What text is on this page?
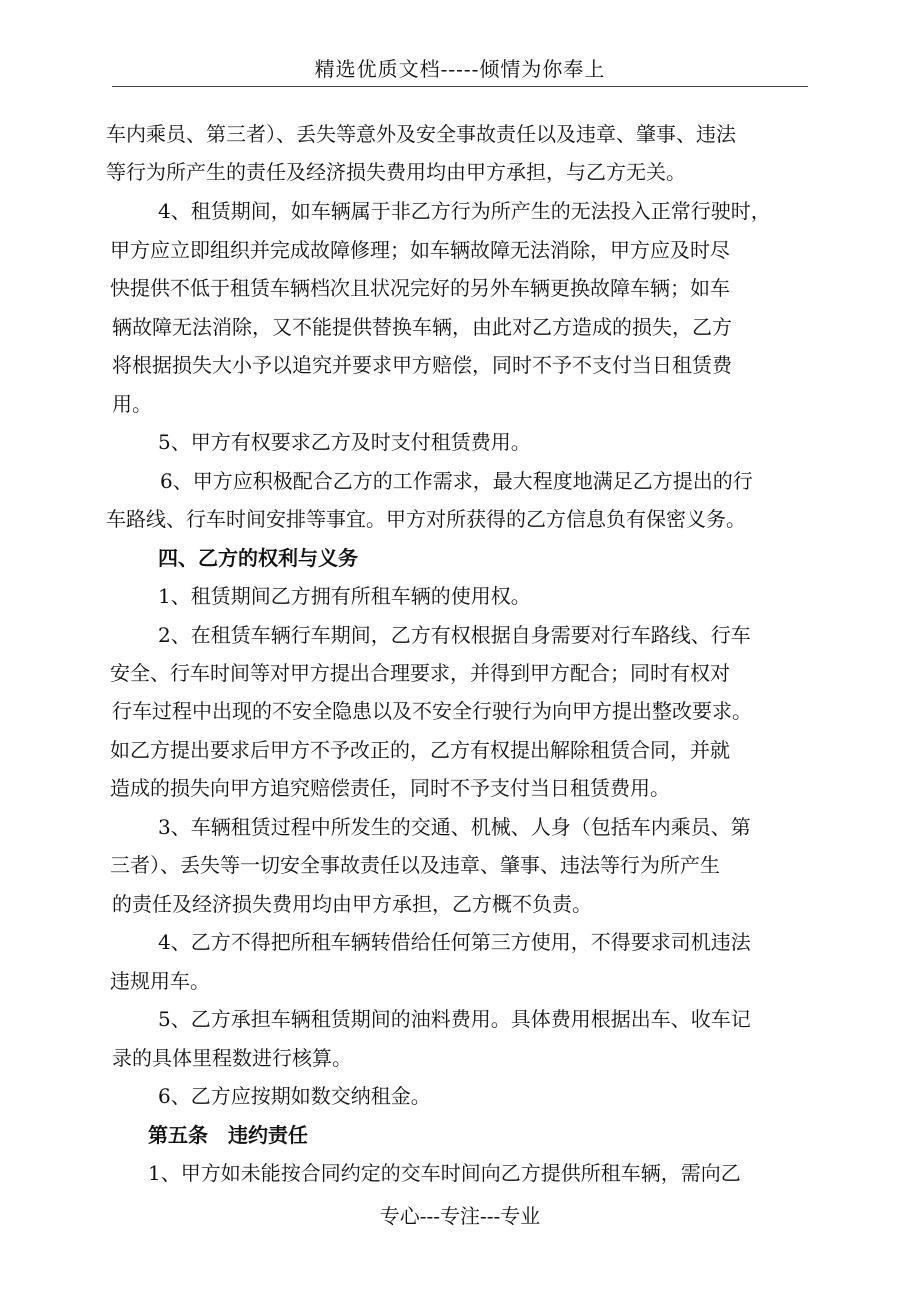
精选优质文档-----倾情为你奉上
车内乘员、第三者）、丢失等意外及安全事故责任以及违章、肇事、违法
等行为所产生的责任及经济损失费用均由甲方承担，与乙方无关。
4、租赁期间，如车辆属于非乙方行为所产生的无法投入正常行驶时，
甲方应立即组织并完成故障修理；如车辆故障无法消除，甲方应及时尽
快提供不低于租赁车辆档次且状况完好的另外车辆更换故障车辆；如车
辆故障无法消除，又不能提供替换车辆，由此对乙方造成的损失，乙方
将根据损失大小予以追究并要求甲方赔偿，同时不予不支付当日租赁费
用。
5、甲方有权要求乙方及时支付租赁费用。
6、甲方应积极配合乙方的工作需求，最大程度地满足乙方提出的行
车路线、行车时间安排等事宜。甲方对所获得的乙方信息负有保密义务。
四、乙方的权利与义务
1、租赁期间乙方拥有所租车辆的使用权。
2、在租赁车辆行车期间，乙方有权根据自身需要对行车路线、行车
安全、行车时间等对甲方提出合理要求，并得到甲方配合；同时有权对
行车过程中出现的不安全隐患以及不安全行驶行为向甲方提出整改要求。
如乙方提出要求后甲方不予改正的，乙方有权提出解除租赁合同，并就
造成的损失向甲方追究赔偿责任，同时不予支付当日租赁费用。
3、车辆租赁过程中所发生的交通、机械、人身（包括车内乘员、第
三者）、丢失等一切安全事故责任以及违章、肇事、违法等行为所产生
的责任及经济损失费用均由甲方承担，乙方概不负责。
4、乙方不得把所租车辆转借给任何第三方使用，不得要求司机违法
违规用车。
5、乙方承担车辆租赁期间的油料费用。具体费用根据出车、收车记
录的具体里程数进行核算。
6、乙方应按期如数交纳租金。
第五条　违约责任
1、甲方如未能按合同约定的交车时间向乙方提供所租车辆，需向乙
专心---专注---专业
